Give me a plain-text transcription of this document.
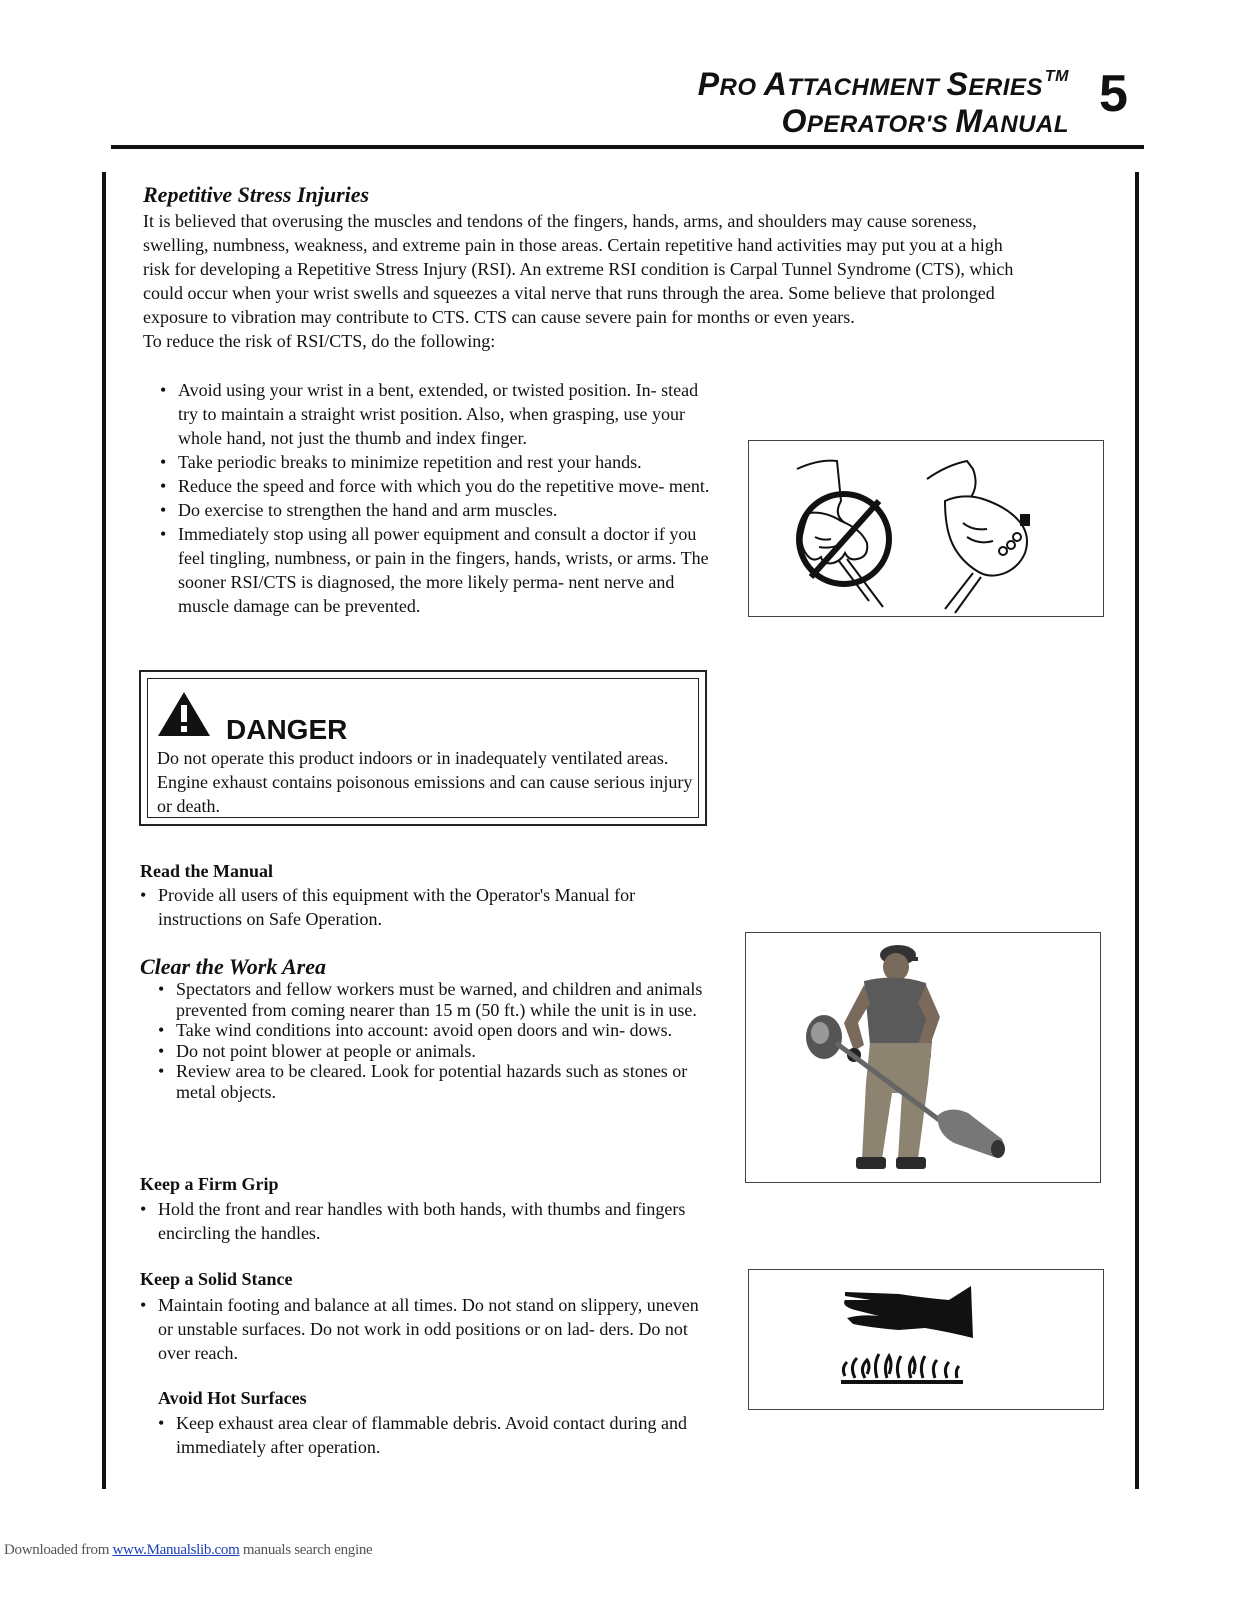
PRO ATTACHMENT SERIES ™
OPERATOR'S MANUAL
5
Repetitive Stress Injuries
It is believed that overusing the muscles and tendons of the fingers, hands, arms, and shoulders may cause soreness,
swelling, numbness, weakness, and extreme pain in those areas. Certain repetitive hand activities may put you at a high
risk for developing a Repetitive Stress Injury (RSI). An extreme RSI condition is Carpal Tunnel Syndrome (CTS), which
could occur when your wrist swells and squeezes a vital nerve that runs through the area. Some believe that prolonged
exposure to vibration may contribute to CTS. CTS can cause severe pain for months or even years.
To reduce the risk of RSI/CTS, do the following:
• Avoid using your wrist in a bent, extended, or twisted position. In- stead try to maintain a straight wrist position. Also, when grasping, use your whole hand, not just the thumb and index finger.
• Take periodic breaks to minimize repetition and rest your hands.
• Reduce the speed and force with which you do the repetitive move- ment.
• Do exercise to strengthen the hand and arm muscles.
• Immediately stop using all power equipment and consult a doctor if you feel tingling, numbness, or pain in the fingers, hands, wrists, or arms. The sooner RSI/CTS is diagnosed, the more likely perma- nent nerve and muscle damage can be prevented.
DANGER
Do not operate this product indoors or in inadequately ventilated areas. Engine exhaust contains poisonous emissions and can cause serious injury or death.
Read the Manual
• Provide all users of this equipment with the Operator's Manual for instructions on Safe Operation.
Clear the Work Area
• Spectators and fellow workers must be warned, and children and animals prevented from coming nearer than 15 m (50 ft.) while the unit is in use.
• Take wind conditions into account: avoid open doors and win- dows.
• Do not point blower at people or animals.
• Review area to be cleared. Look for potential hazards such as stones or metal objects.
Keep a Firm Grip
• Hold the front and rear handles with both hands, with thumbs and fingers encircling the handles.
Keep a Solid Stance
• Maintain footing and balance at all times. Do not stand on slippery, uneven or unstable surfaces. Do not work in odd positions or on lad- ders. Do not over reach.
Avoid Hot Surfaces
• Keep exhaust area clear of flammable debris. Avoid contact during and immediately after operation.
Downloaded from www.Manualslib.com manuals search engine
